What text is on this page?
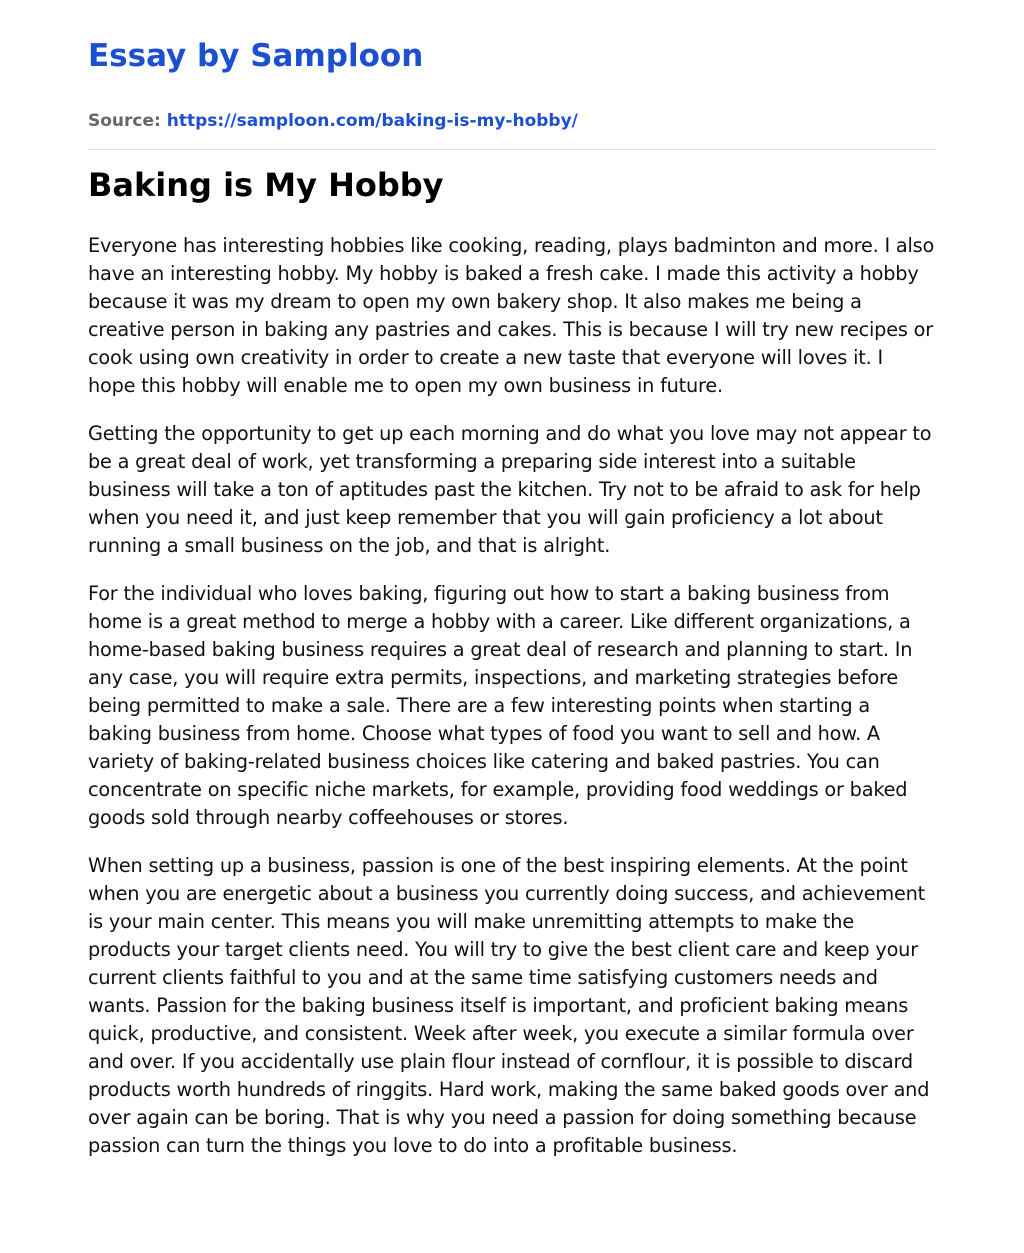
Essay by Samploon
Source: https://samploon.com/baking-is-my-hobby/
Baking is My Hobby

Everyone has interesting hobbies like cooking, reading, plays badminton and more. I also have an interesting hobby. My hobby is baked a fresh cake. I made this activity a hobby because it was my dream to open my own bakery shop. It also makes me being a creative person in baking any pastries and cakes. This is because I will try new recipes or cook using own creativity in order to create a new taste that everyone will loves it. I hope this hobby will enable me to open my own business in future.

Getting the opportunity to get up each morning and do what you love may not appear to be a great deal of work, yet transforming a preparing side interest into a suitable business will take a ton of aptitudes past the kitchen. Try not to be afraid to ask for help when you need it, and just keep remember that you will gain proficiency a lot about running a small business on the job, and that is alright.

For the individual who loves baking, figuring out how to start a baking business from home is a great method to merge a hobby with a career. Like different organizations, a home-based baking business requires a great deal of research and planning to start. In any case, you will require extra permits, inspections, and marketing strategies before being permitted to make a sale. There are a few interesting points when starting a baking business from home. Choose what types of food you want to sell and how. A variety of baking-related business choices like catering and baked pastries. You can concentrate on specific niche markets, for example, providing food weddings or baked goods sold through nearby coffeehouses or stores.

When setting up a business, passion is one of the best inspiring elements. At the point when you are energetic about a business you currently doing success, and achievement is your main center. This means you will make unremitting attempts to make the products your target clients need. You will try to give the best client care and keep your current clients faithful to you and at the same time satisfying customers needs and wants. Passion for the baking business itself is important, and proficient baking means quick, productive, and consistent. Week after week, you execute a similar formula over and over. If you accidentally use plain flour instead of cornflour, it is possible to discard products worth hundreds of ringgits. Hard work, making the same baked goods over and over again can be boring. That is why you need a passion for doing something because passion can turn the things you love to do into a profitable business.
